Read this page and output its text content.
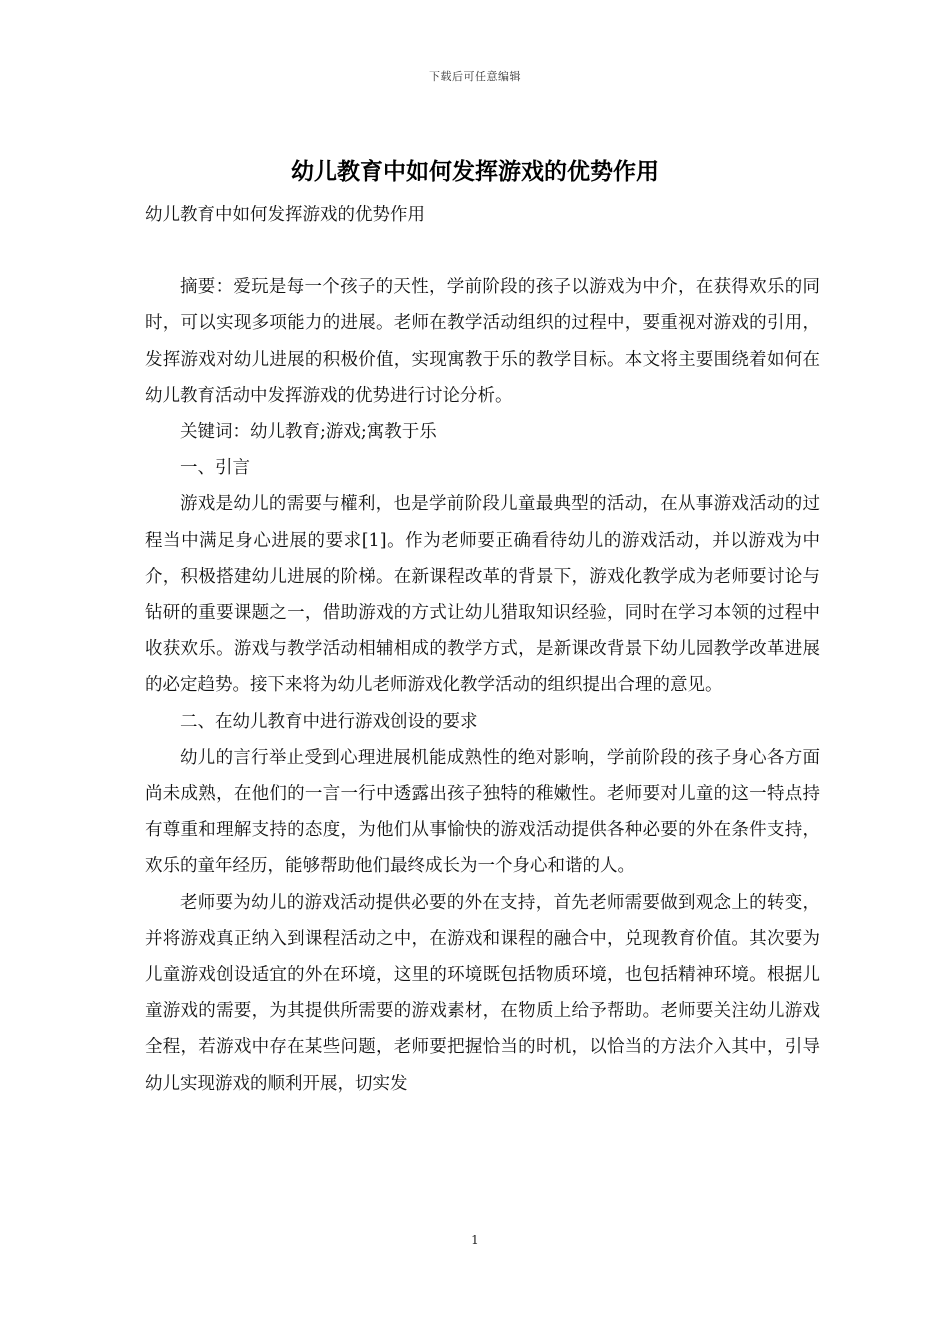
下载后可任意编辑
幼儿教育中如何发挥游戏的优势作用

幼儿教育中如何发挥游戏的优势作用

摘要：爱玩是每一个孩子的天性，学前阶段的孩子以游戏为中介，在获得欢乐的同时，可以实现多项能力的进展。老师在教学活动组织的过程中，要重视对游戏的引用，发挥游戏对幼儿进展的积极价值，实现寓教于乐的教学目标。本文将主要围绕着如何在幼儿教育活动中发挥游戏的优势进行讨论分析。

关键词：幼儿教育;游戏;寓教于乐

一、引言

游戏是幼儿的需要与權利，也是学前阶段儿童最典型的活动，在从事游戏活动的过程当中满足身心进展的要求[1]。作为老师要正确看待幼儿的游戏活动，并以游戏为中介，积极搭建幼儿进展的阶梯。在新课程改革的背景下，游戏化教学成为老师要讨论与钻研的重要课题之一，借助游戏的方式让幼儿猎取知识经验，同时在学习本领的过程中收获欢乐。游戏与教学活动相辅相成的教学方式，是新课改背景下幼儿园教学改革进展的必定趋势。接下来将为幼儿老师游戏化教学活动的组织提出合理的意见。

二、在幼儿教育中进行游戏创设的要求

幼儿的言行举止受到心理进展机能成熟性的绝对影响，学前阶段的孩子身心各方面尚未成熟，在他们的一言一行中透露出孩子独特的稚嫩性。老师要对儿童的这一特点持有尊重和理解支持的态度，为他们从事愉快的游戏活动提供各种必要的外在条件支持，欢乐的童年经历，能够帮助他们最终成长为一个身心和谐的人。

老师要为幼儿的游戏活动提供必要的外在支持，首先老师需要做到观念上的转变，并将游戏真正纳入到课程活动之中，在游戏和课程的融合中，兑现教育价值。其次要为儿童游戏创设适宜的外在环境，这里的环境既包括物质环境，也包括精神环境。根据儿童游戏的需要，为其提供所需要的游戏素材，在物质上给予帮助。老师要关注幼儿游戏全程，若游戏中存在某些问题，老师要把握恰当的时机，以恰当的方法介入其中，引导幼儿实现游戏的顺利开展，切实发

1
